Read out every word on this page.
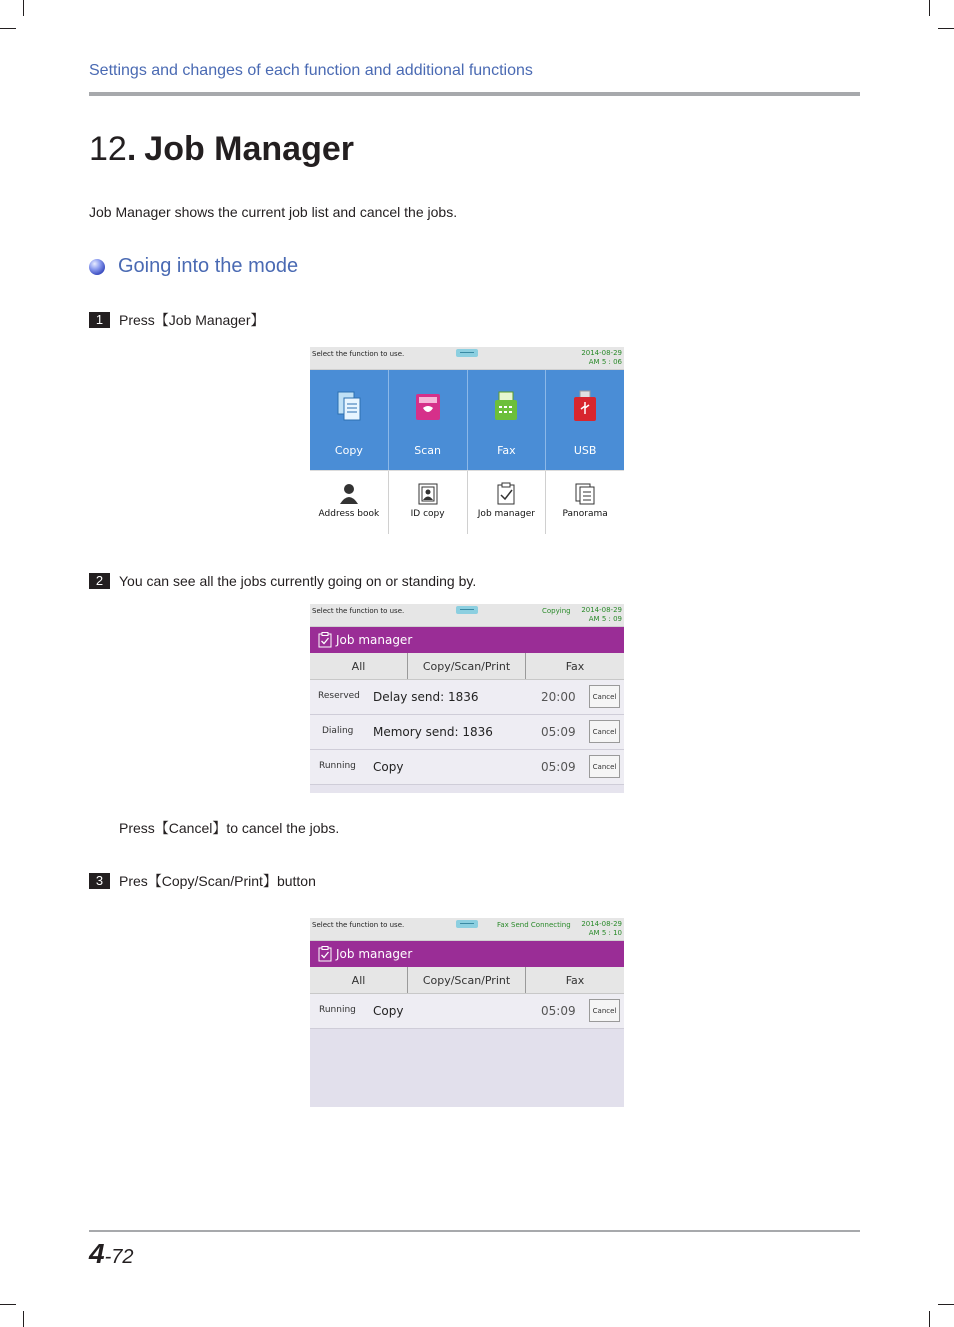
Settings and changes of each function and additional functions
12. Job Manager
Job Manager shows the current job list and cancel the jobs.
Going into the mode
1	Press【Job Manager】
Select the function to use.	2014-08-29
AM 5 : 06
Copy	Scan	Fax	USB
Address book	ID copy	Job manager	Panorama
2	You can see all the jobs currently going on or standing by.
Select the function to use.	Copying 2014-08-29
AM 5 : 09
Job manager
All	Copy/Scan/Print	Fax
Reserved Delay send: 1836	20:00	Cancel
Dialing Memory send: 1836	05:09	Cancel
Running Copy	05:09	Cancel
Press【Cancel】to cancel the jobs.
3	Pres【Copy/Scan/Print】button
Select the function to use.	Fax Send Connecting 2014-08-29
AM 5 : 10
Job manager
All	Copy/Scan/Print	Fax
Running Copy	05:09	Cancel
4-72
